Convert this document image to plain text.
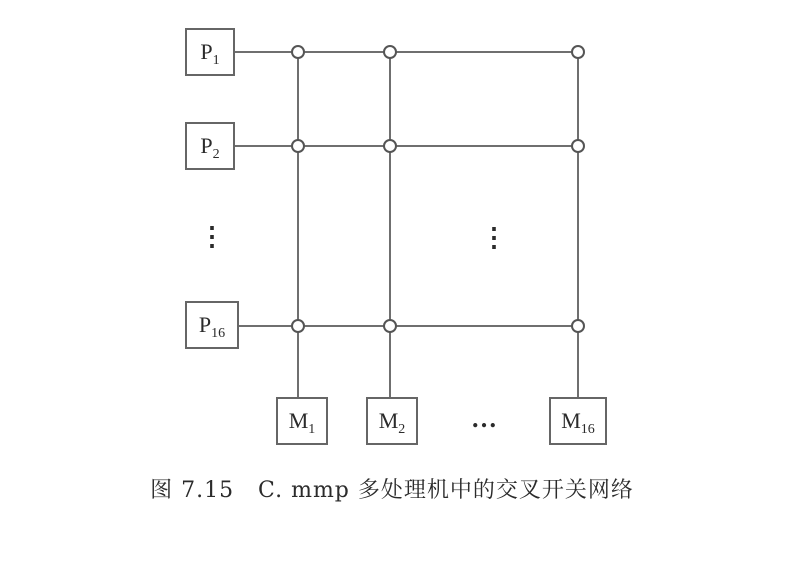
P1
P2
P16
M1	M2	M16
⋮	⋮
…
图 7.15   C. mmp 多处理机中的交叉开关网络
